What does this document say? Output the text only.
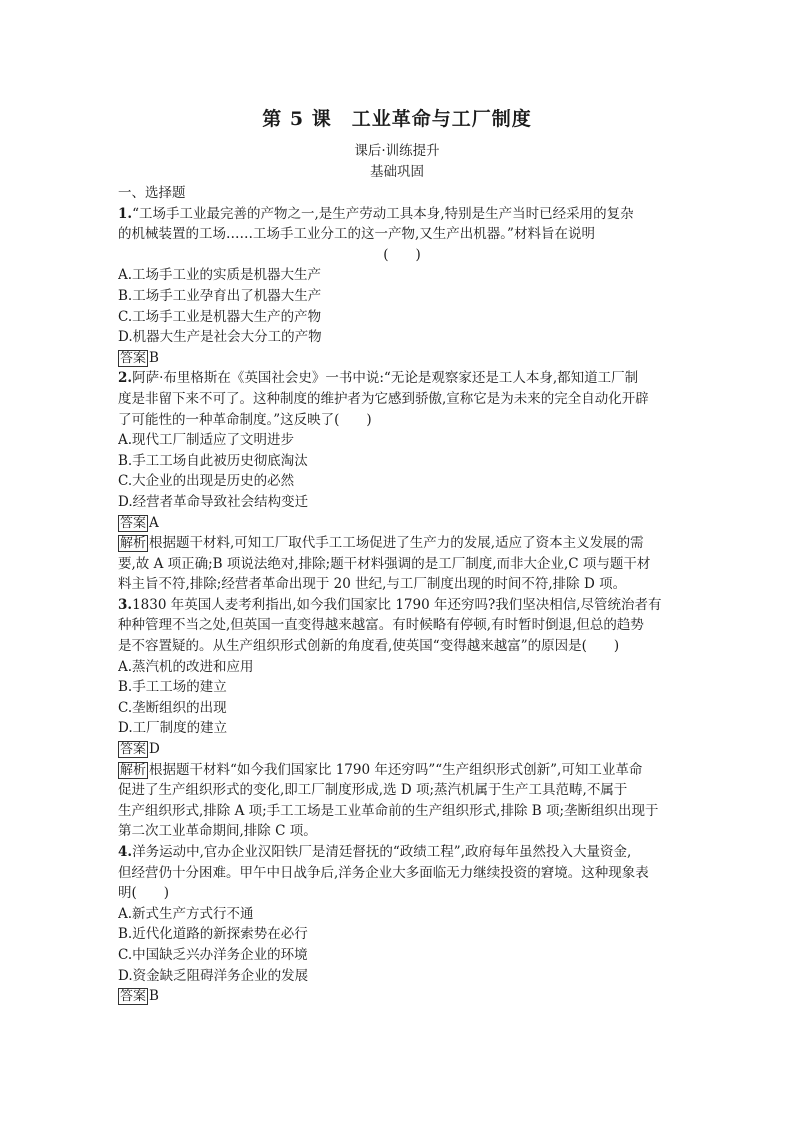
第 5 课　工业革命与工厂制度
课后·训练提升
基础巩固
一、选择题
1.“工场手工业最完善的产物之一,是生产劳动工具本身,特别是生产当时已经采用的复杂
的机械装置的工场……工场手工业分工的这一产物,又生产出机器。”材料旨在说明
(　　)
A.工场手工业的实质是机器大生产
B.工场手工业孕育出了机器大生产
C.工场手工业是机器大生产的产物
D.机器大生产是社会大分工的产物
答案 B
2.阿萨·布里格斯在《英国社会史》一书中说:“无论是观察家还是工人本身,都知道工厂制
度是非留下来不可了。这种制度的维护者为它感到骄傲,宣称它是为未来的完全自动化开辟
了可能性的一种革命制度。”这反映了(　　)
A.现代工厂制适应了文明进步
B.手工工场自此被历史彻底淘汰
C.大企业的出现是历史的必然
D.经营者革命导致社会结构变迁
答案 A
解析 根据题干材料,可知工厂取代手工工场促进了生产力的发展,适应了资本主义发展的需
要,故 A 项正确;B 项说法绝对,排除;题干材料强调的是工厂制度,而非大企业,C 项与题干材
料主旨不符,排除;经营者革命出现于 20 世纪,与工厂制度出现的时间不符,排除 D 项。
3.1830 年英国人麦考利指出,如今我们国家比 1790 年还穷吗?我们坚决相信,尽管统治者有
种种管理不当之处,但英国一直变得越来越富。有时候略有停顿,有时暂时倒退,但总的趋势
是不容置疑的。从生产组织形式创新的角度看,使英国“变得越来越富”的原因是(　　)
A.蒸汽机的改进和应用
B.手工工场的建立
C.垄断组织的出现
D.工厂制度的建立
答案 D
解析 根据题干材料“如今我们国家比 1790 年还穷吗”“生产组织形式创新”,可知工业革命
促进了生产组织形式的变化,即工厂制度形成,选 D 项;蒸汽机属于生产工具范畴,不属于
生产组织形式,排除 A 项;手工工场是工业革命前的生产组织形式,排除 B 项;垄断组织出现于
第二次工业革命期间,排除 C 项。
4.洋务运动中,官办企业汉阳铁厂是清廷督抚的“政绩工程”,政府每年虽然投入大量资金,
但经营仍十分困难。甲午中日战争后,洋务企业大多面临无力继续投资的窘境。这种现象表
明(　　)
A.新式生产方式行不通
B.近代化道路的新探索势在必行
C.中国缺乏兴办洋务企业的环境
D.资金缺乏阻碍洋务企业的发展
答案 B
